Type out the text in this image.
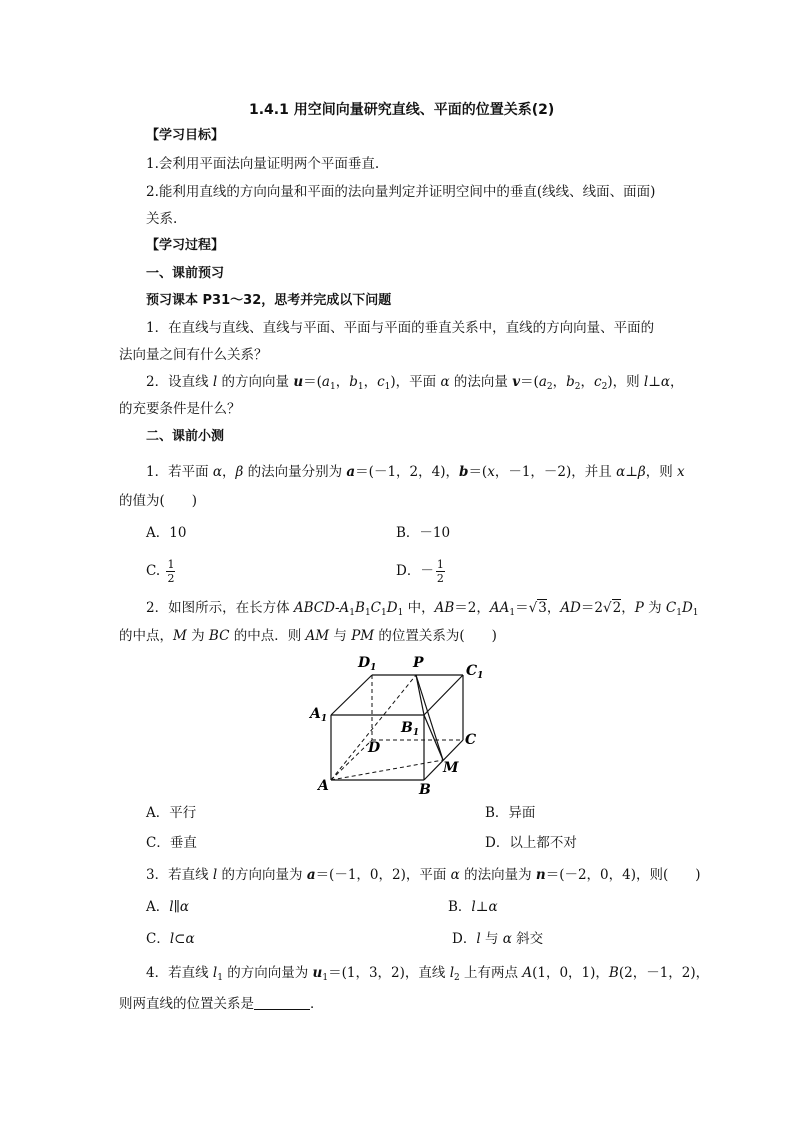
1.4.1 用空间向量研究直线、平面的位置关系(2)
【学习目标】
1.会利用平面法向量证明两个平面垂直.
2.能利用直线的方向向量和平面的法向量判定并证明空间中的垂直(线线、线面、面面)
关系.
【学习过程】
一、课前预习
预习课本 P31～32，思考并完成以下问题
1．在直线与直线、直线与平面、平面与平面的垂直关系中，直线的方向向量、平面的
法向量之间有什么关系？
2．设直线 l 的方向向量 $u=(a_1$，$b_1$，$c_1$)，平面 α 的法向量 $v=(a_2$，$b_2$，$c_2$)，则 l⊥α，
的充要条件是什么？
二、课前小测
1．若平面 α，β 的法向量分别为 a＝(－1，2，4)，b＝(x，－1，－2)，并且 α⊥β，则 x
的值为(　　)
A．10	B．－10
C. $\frac{1}{2}$	D．－ $\frac{1}{2}$
2．如图所示，在长方体 ABCD-$A_1B_1C_1D_1$ 中，AB＝2，$AA_1=√3$，AD＝2√2，P 为 $C_1D_1$
的中点，M 为 BC 的中点．则 AM 与 PM 的位置关系为(　　)
$D_1$	P	$C_1$
$A_1$
$B_1$
D	C
M
A	B
A．平行	B．异面
C．垂直	D．以上都不对
3．若直线 l 的方向向量为 a＝(－1，0，2)，平面 α 的法向量为 n＝(－2，0，4)，则(　　)
A．l∥α	B．l⊥α
C．l⊂α	D．l 与 α 斜交
4．若直线 $l_1$ 的方向向量为 $u_1=(1$，3，2)，直线 $l_2$ 上有两点 A(1，0，1)，B(2，－1，2)，
则两直线的位置关系是	．
